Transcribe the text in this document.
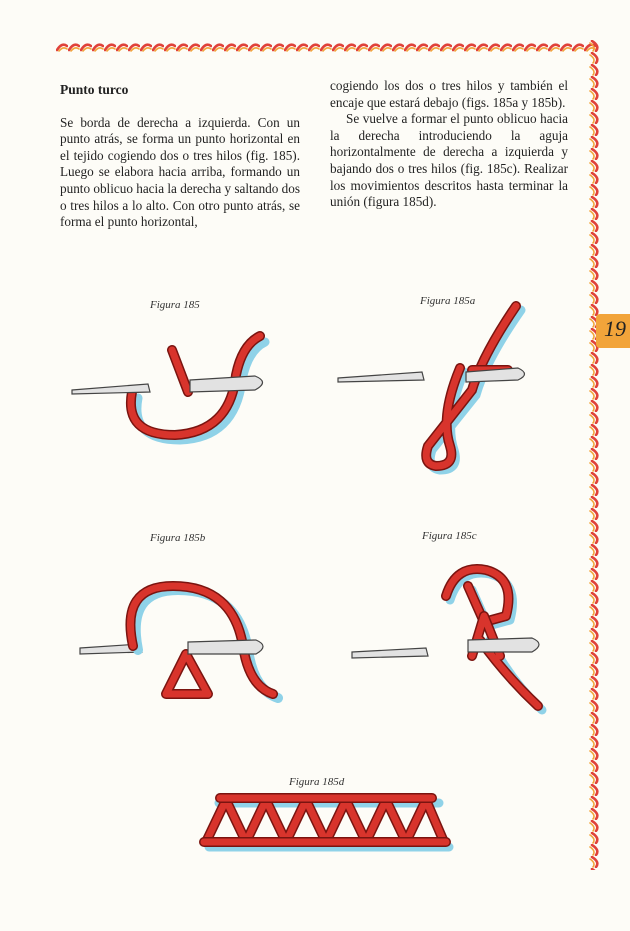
19
Punto turco

Se borda de derecha a izquierda. Con un punto atrás, se forma un punto horizontal en el tejido cogiendo dos o tres hilos (fig. 185). Luego se elabora hacia arriba, formando un punto oblicuo hacia la derecha y saltando dos o tres hilos a lo alto. Con otro punto atrás, se forma el punto horizontal,

cogiendo los dos o tres hilos y también el encaje que estará debajo (figs. 185a y 185b).

Se vuelve a formar el punto oblicuo hacia la derecha introduciendo la aguja horizontalmente de derecha a izquierda y bajando dos o tres hilos (fig. 185c). Realizar los movimientos descritos hasta terminar la unión (figura 185d).

Figura 185	Figura 185a
Figura 185b	Figura 185c
Figura 185d
